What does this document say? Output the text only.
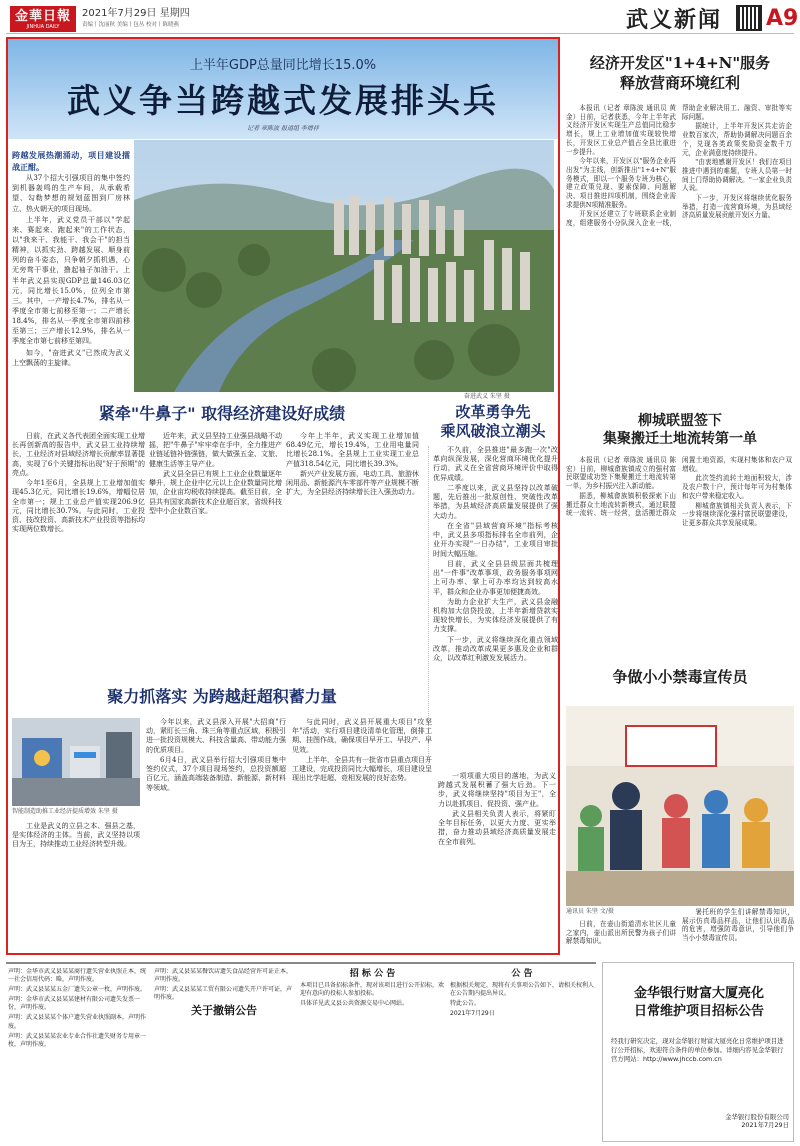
金華日報
JINHUA DAILY
2021年7月29日 星期四
责编丨沈丽秋 美编丨包丛 校对丨陈晓燕	武义新闻 A9
上半年GDP总量同比增长15.0%
武义争当跨越式发展排头兵
记者 章陈波 报道组 李增祥
跨越发展热潮涌动，项目建设擂战正酣。

从37个招大引强项目的集中签约到机器轰鸣的生产车间，从承载希望、勾勒梦想的规划蓝图到厂房林立、热火朝天的项目现场。

上半年，武义党员干部以"学起来、赛起来、跑起来"的工作状态，以"我来干、我能干、我会干"的担当精神，以抓实劲、跨越发展、顺身前列的奋斗姿态，只争朝夕抓机遇，心无旁骛干事业，撸起袖子加油干。上半年武义县实现GDP总量146.03亿元，同比增长15.0%，位列全市第三。其中，一产增长4.7%，排名从一季度全市第七前移至第一；二产增长18.4%，排名从一季度全市第四前移至第三；三产增长12.9%，排名从一季度全市第七前移至第四。

如今，"奋进武义"已然成为武义上空飘荡的主旋律。

奋进武义 朱坚 摄
紧牵"牛鼻子" 取得经济建设好成绩

日前，在武义各代表团全面实现工业增长再创新高的报告中，武义县工业持续增长，工业经济对县域经济增长贡献率显著提高，实现了6个关键指标出现"好于预期"的亮点。

今年1至6月，全县规上工业增加值实现45.3亿元，同比增长19.6%，增幅位居全市第一；规上工业总产值实现206.9亿元，同比增长30.7%。与此同时，工业投资、技改投资、高新技术产业投资等指标均实现两位数增长。

近年来，武义县坚持工业强县战略不动摇，把"牛鼻子"牢牢牵在手中，全力推进产业链延链补链强链，做大做强五金、文旅、健康生活等主导产业。

武义县全县已有规上工业企业数量逐年攀升，规上企业中亿元以上企业数量同比增加，企业亩均税收持续提高。截至目前，全县共有国家高新技术企业超百家，省级科技型中小企业数百家。

今年上半年，武义实现工业增加值68.49亿元，增长19.4%，工业用电量同比增长28.1%。全县规上工业实现工业总产值318.54亿元，同比增长39.3%。

新兴产业发展方面，电动工具、旅游休闲用品、新能源汽车零部件等产业规模不断扩大，为全县经济持续增长注入强劲动力。

改革勇争先
乘风破浪立潮头

不久前，全县推进"最多跑一次"改革向纵深发展，深化营商环境优化提升行动，武义在全省营商环境评价中取得优异成绩。

二季度以来，武义县坚持以改革破题，先后推出一批原创性、突破性改革举措，为县域经济高质量发展提供了强大动力。

在全省"县域营商环境"指标考核中，武义县多项指标排名全市前列，企业开办实现"一日办结"，工业项目审批时间大幅压缩。

目前，武义全县县级层面共梳理出"一件事"改革事项，政务服务事项网上可办率、掌上可办率均达到较高水平，群众和企业办事更加便捷高效。

为助力企业扩大生产，武义县金融机构加大信贷投放，上半年新增贷款实现较快增长，为实体经济发展提供了有力支撑。

下一步，武义将继续深化重点领域改革，推动改革成果更多惠及企业和群众，以改革红利激发发展活力。

聚力抓落实 为跨越赶超积蓄力量
智能制造助推工业经济提质增效 朱坚 摄

工业是武义的立县之本、强县之基，是实体经济的主体。当前，武义坚持以项目为王，持续推动工业经济转型升级。

今年以来，武义县深入开展"大招商"行动，紧盯长三角、珠三角等重点区域，积极引进一批投资规模大、科技含量高、带动能力强的优质项目。

6月4日，武义县举行招大引强项目集中签约仪式，37个项目现场签约，总投资额超百亿元，涵盖高端装备制造、新能源、新材料等领域。

与此同时，武义县开展重大项目"攻坚年"活动，实行项目建设清单化管理，倒排工期、挂图作战，确保项目早开工、早投产、早见效。

上半年，全县共有一批省市县重点项目开工建设，完成投资同比大幅增长，项目建设呈现出比学赶超、竞相发展的良好态势。	一项项重大项目的落地，为武义跨越式发展积蓄了强大后劲。下一步，武义将继续坚持"项目为王"，全力以赴抓项目、促投资、强产业。

武义县相关负责人表示，将紧盯全年目标任务，以更大力度、更实举措，奋力推动县域经济高质量发展走在全市前列。

经济开发区"1+4+N"服务
释放营商环境红利

本报讯（记者 章陈波 通讯员 黄金）日前，记者获悉，今年上半年武义经济开发区实现生产总值同比稳步增长，规上工业增加值实现较快增长，开发区工业总产值占全县比重进一步提升。

今年以来，开发区以"服务企业再出发"为主线，创新推出"1+4+N"服务模式，即以一个服务专班为核心，建立政策兑现、要素保障、问题解决、项目推进四项机制，围绕企业需求提供N项精准服务。

开发区还建立了专班联系企业制度，组建服务小分队深入企业一线，帮助企业解决用工、融资、审批等实际问题。

据统计，上半年开发区共走访企业数百家次，帮助协调解决问题百余个，兑现各类政策奖励资金数千万元，企业满意度持续提升。

"由衷地感谢开发区！我们在项目推进中遇到的难题，专班人员第一时间上门帮助协调解决。"一家企业负责人说。

下一步，开发区将继续优化服务举措，打造一流营商环境，为县域经济高质量发展贡献开发区力量。

柳城联盟签下
集聚搬迁土地流转第一单

本报讯（记者 章陈波 通讯员 陈宏）日前，柳城畲族镇成立的强村富民联盟成功签下集聚搬迁土地流转第一单，为乡村振兴注入新动能。

据悉，柳城畲族镇积极探索下山搬迁群众土地流转新模式，通过联盟统一流转、统一经营，盘活搬迁群众闲置土地资源，实现村集体和农户双增收。

此次签约流转土地面积较大，涉及农户数十户，预计每年可为村集体和农户带来稳定收入。

柳城畲族镇相关负责人表示，下一步将继续深化强村富民联盟建设，让更多群众共享发展成果。

争做小小禁毒宣传员
通讯员 朱坚 文/摄
日前，在壶山街道清水社区儿童之家内，壶山派出所民警为孩子们讲解禁毒知识。
暑托班的学生们讲解禁毒知识，展示仿真毒品样品，让他们认识毒品的危害，增强防毒意识，引导他们争当小小禁毒宣传员。

声明：金华市武义县某某商行遗失营业执照正本，统一社会信用代码：略，声明作废。

声明：武义县某某五金厂遗失公章一枚，声明作废。

声明：金华市武义县某某建材有限公司遗失发票一份，声明作废。

声明：武义县某某个体户遗失营业执照副本，声明作废。

声明：武义县某某农业专业合作社遗失财务专用章一枚，声明作废。

声明：武义县某某餐饮店遗失食品经营许可证正本，声明作废。

声明：武义县某某工贸有限公司遗失开户许可证，声明作废。

关于撤销公告

招 标 公 告

本项目已具备招标条件，现对该项目进行公开招标，欢迎有意向的投标人参加投标。

具体详见武义县公共资源交易中心网站。

公 告

根据相关规定，现将有关事项公告如下，请相关权利人在公告期内提出异议。

特此公告。

2021年7月29日

金华银行财富大厦亮化
日常维护项目招标公告
经我行研究决定，现对金华银行财富大厦亮化日常维护项目进行公开招标，欢迎符合条件的单位参加。详细内容见金华银行官方网站：http://www.jhccb.com.cn
金华银行股份有限公司
2021年7月29日
